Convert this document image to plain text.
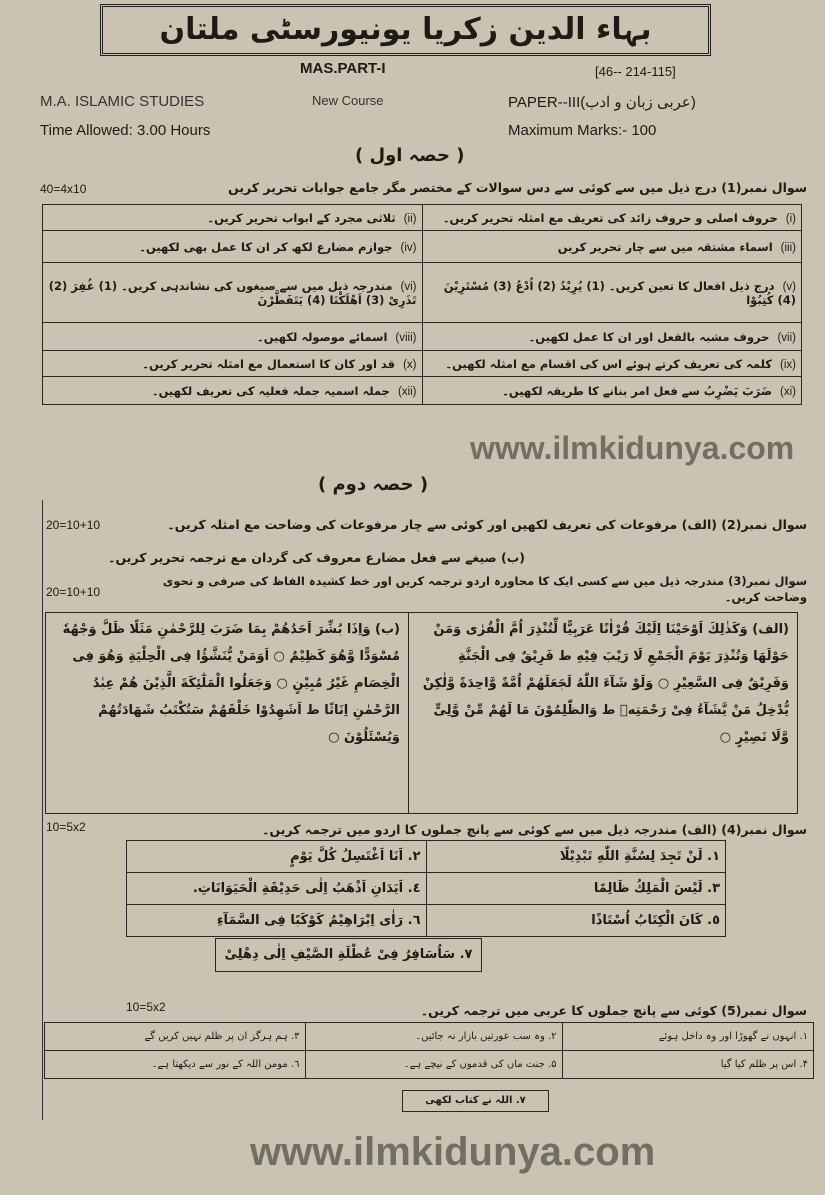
بہاء الدین زکریا یونیورسٹی ملتان
MAS.PART-I	[46-- 214-115]
M.A. ISLAMIC STUDIES	New Course	PAPER--III(عربی زبان و ادب)
Time Allowed: 3.00 Hours	Maximum Marks:- 100
( حصہ اول )
سوال نمبر(1) درج ذیل میں سے کوئی سے دس سوالات کے مختصر مگر جامع جوابات تحریر کریں
40=4x10
(i)حروف اصلی و حروف زائد کی تعریف مع امثلہ تحریر کریں۔	(ii)ثلاثی مجرد کے ابواب تحریر کریں۔
(iii)اسماء مشتقہ میں سے چار تحریر کریں	(iv)جوازم مضارع لکھ کر ان کا عمل بھی لکھیں۔
(v)درج ذیل افعال کا تعین کریں۔ (1) یُرِیْدُ (2) اُدْعُ (3) مُسْتَرِیْنَ (4) کُتِبُوْا	(vi)مندرجہ ذیل میں سے صیغوں کی نشاندہی کریں۔ (1) غُفِرَ (2) تَذَرِیْ (3) اَهْلَكْنَا (4) يَتَفَطَّرْنَ
(vii)حروف مشبہ بالفعل اور ان کا عمل لکھیں۔	(viii)اسمائے موصولہ لکھیں۔
(ix)کلمہ کی تعریف کرتے ہوئے اس کی اقسام مع امثلہ لکھیں۔	(x)قد اور کان کا استعمال مع امثلہ تحریر کریں۔
(xi)ضَرَبَ یَضْرِبُ سے فعل امر بنانے کا طریقہ لکھیں۔	(xii)جملہ اسمیہ جملہ فعلیہ کی تعریف لکھیں۔
www.ilmkidunya.com
( حصہ دوم )
سوال نمبر(2) (الف) مرفوعات کی تعریف لکھیں اور کوئی سے چار مرفوعات کی وضاحت مع امثلہ کریں۔
20=10+10
(ب) صیغے سے فعل مضارع معروف کی گردان مع ترجمہ تحریر کریں۔
سوال نمبر(3) مندرجہ ذیل میں سے کسی ایک کا محاورہ اردو ترجمہ کریں اور خط کشیدہ الفاظ کی صرفی و نحوی وضاحت کریں۔
20=10+10
(الف) وَكَذٰلِكَ اَوْحَيْنَا اِلَيْكَ قُرْاٰنًا عَرَبِيًّا لِّتُنْذِرَ اُمَّ الْقُرٰى وَمَنْ حَوْلَهَا وَتُنْذِرَ يَوْمَ الْجَمْعِ لَا رَيْبَ فِيْهِ ط فَرِيْقٌ فِى الْجَنَّةِ وَفَرِيْقٌ فِى السَّعِيْرِ ○ وَلَوْ شَآءَ اللّٰهُ لَجَعَلَهُمْ اُمَّةً وَّاحِدَةً وَّلٰكِنْ يُّدْخِلُ مَنْ يَّشَآءُ فِىْ رَحْمَتِهٖ ط وَالظّٰلِمُوْنَ مَا لَهُمْ مِّنْ وَّلِىٍّ وَّلَا نَصِيْرٍ ○
(ب) وَاِذَا بُشِّرَ اَحَدُهُمْ بِمَا ضَرَبَ لِلرَّحْمٰنِ مَثَلًا ظَلَّ وَجْهُهٗ مُسْوَدًّا وَّهُوَ كَظِيْمٌ ○ اَوَمَنْ يُّنَشَّؤُا فِى الْحِلْيَةِ وَهُوَ فِى الْخِصَامِ غَيْرُ مُبِيْنٍ ○ وَجَعَلُوا الْمَلٰٓئِكَةَ الَّذِيْنَ هُمْ عِبٰدُ الرَّحْمٰنِ اِنَاثًا ط اَشَهِدُوْا خَلْقَهُمْ سَتُكْتَبُ شَهَادَتُهُمْ وَيُسْئَلُوْنَ ○
سوال نمبر(4) (الف) مندرجہ ذیل میں سے کوئی سے پانچ جملوں کا اردو میں ترجمہ کریں۔
10=5x2
١. لَنْ تَجِدَ لِسُنَّةِ اللّٰهِ تَبْدِيْلًا	٢. اَنَا اَغْتَسِلُ كُلَّ يَوْمٍ
٣. لَيْسَ الْمَلِكُ ظَالِمًا	٤. اَيَدَانِ اَذْهَبُ اِلٰى حَدِيْقَةِ الْحَيَوَانَاتِ.
٥. كَانَ الْكِتَابُ اُسْتَاذًا	٦. رَاٰى اِبْرَاهِيْمُ كَوْكَبًا فِى السَّمَآءِ
٧. سَاُسَافِرُ فِىْ عُطْلَةِ الصَّيْفِ اِلٰى دِهْلِىْ
سوال نمبر(5) کوئی سے پانچ جملوں کا عربی میں ترجمہ کریں۔
10=5x2
١. انہوں نے گھوڑا اور وہ داخل ہوئے	٢. وہ سب عورتیں بازار نہ جائیں۔	٣. ہم ہرگز ان پر ظلم نہیں کریں گے
۴. اس پر ظلم کیا گیا	۵. جنت ماں کی قدموں کے نیچے ہے۔	٦. مومن اللہ کے نور سے دیکھتا ہے۔
٧. اللہ نے کتاب لکھی
www.ilmkidunya.com
